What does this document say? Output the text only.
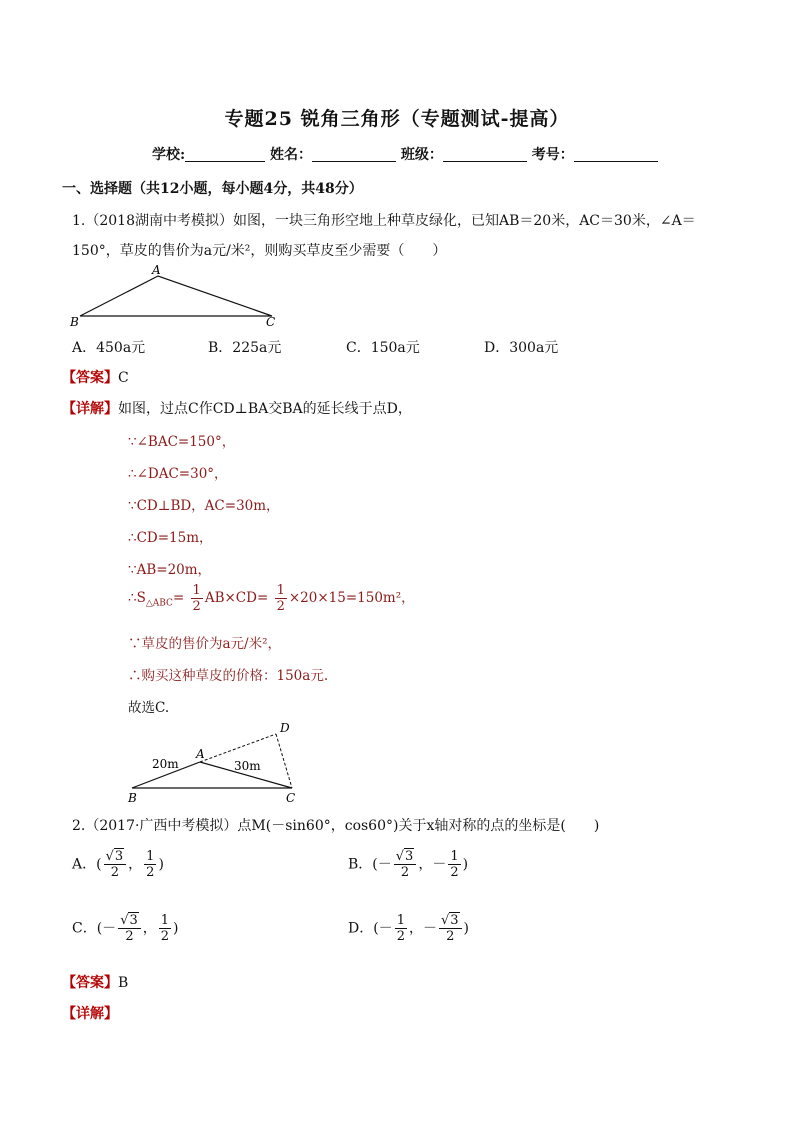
专题25 锐角三角形（专题测试-提高）
学校:	姓名：	班级：	考号：
一、选择题（共12小题，每小题4分，共48分）
1.（2018湖南中考模拟）如图，一块三角形空地上种草皮绿化，已知AB＝20米，AC＝30米，∠A＝
150°，草皮的售价为a元/米²，则购买草皮至少需要（　　）
A
B	C
A．450a元	B．225a元	C．150a元	D．300a元
【答案】C
【详解】如图，过点C作CD⊥BA交BA的延长线于点D，
∵∠BAC=150°，
∴∠DAC=30°，
∵CD⊥BD，AC=30m，
∴CD=15m，
∵AB=20m，
$\therefore S_{\triangle ABC}= \frac{1}{2} AB\times CD= \frac{1}{2} \times 20\times 15=150m^2$，
∵草皮的售价为a元/米²，
∴购买这种草皮的价格：150a元.
故选C.
A
B	C
D
20m	30m
2.（2017·广西中考模拟）点M(－sin60°，cos60°)关于x轴对称的点的坐标是(　　)
A．( $\frac{√3}{2}$ ， $\frac{1}{2}$ )	B．(－ $\frac{√3}{2}$ ，－ $\frac{1}{2}$ )
C．(－ $\frac{√3}{2}$ ， $\frac{1}{2}$ )	D．(－ $\frac{1}{2}$ ，－ $\frac{√3}{2}$ )
【答案】B
【详解】
